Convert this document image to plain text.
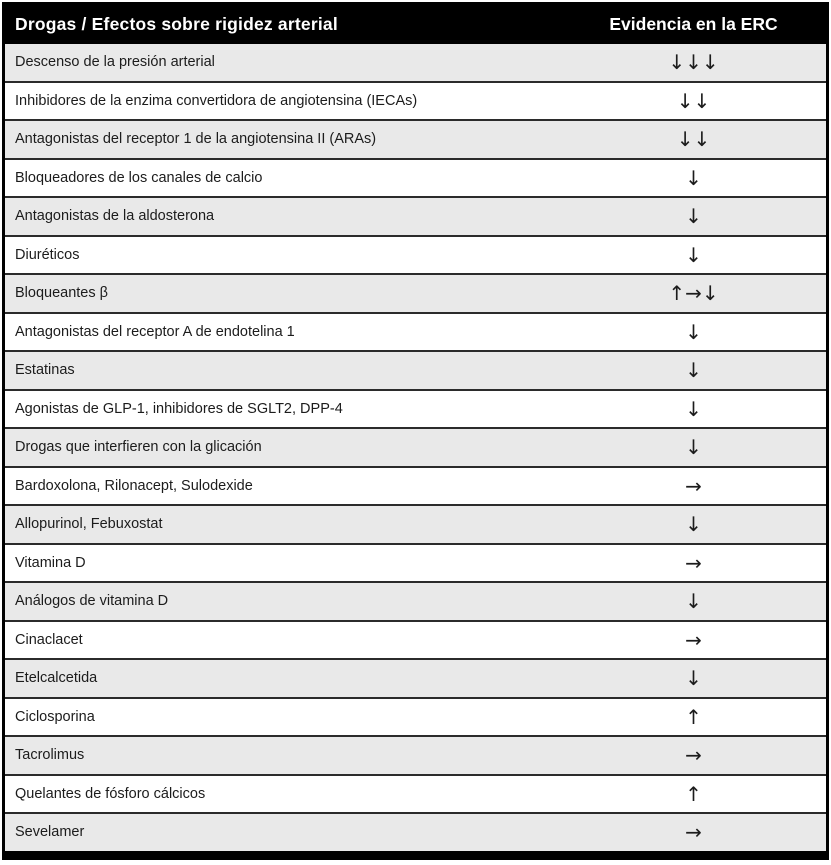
Drogas / Efectos sobre rigidez arterial	Evidencia en la ERC
Descenso de la presión arterial	↓↓↓
Inhibidores de la enzima convertidora de angiotensina (IECAs)	↓↓
Antagonistas del receptor 1 de la angiotensina II (ARAs)	↓↓
Bloqueadores de los canales de calcio	↓
Antagonistas de la aldosterona	↓
Diuréticos	↓
Bloqueantes β	↑→↓
Antagonistas del receptor A de endotelina 1	↓
Estatinas	↓
Agonistas de GLP-1, inhibidores de SGLT2, DPP-4	↓
Drogas que interfieren con la glicación	↓
Bardoxolona, Rilonacept, Sulodexide	→
Allopurinol, Febuxostat	↓
Vitamina D	→
Análogos de vitamina D	↓
Cinaclacet	→
Etelcalcetida	↓
Ciclosporina	↑
Tacrolimus	→
Quelantes de fósforo cálcicos	↑
Sevelamer	→
